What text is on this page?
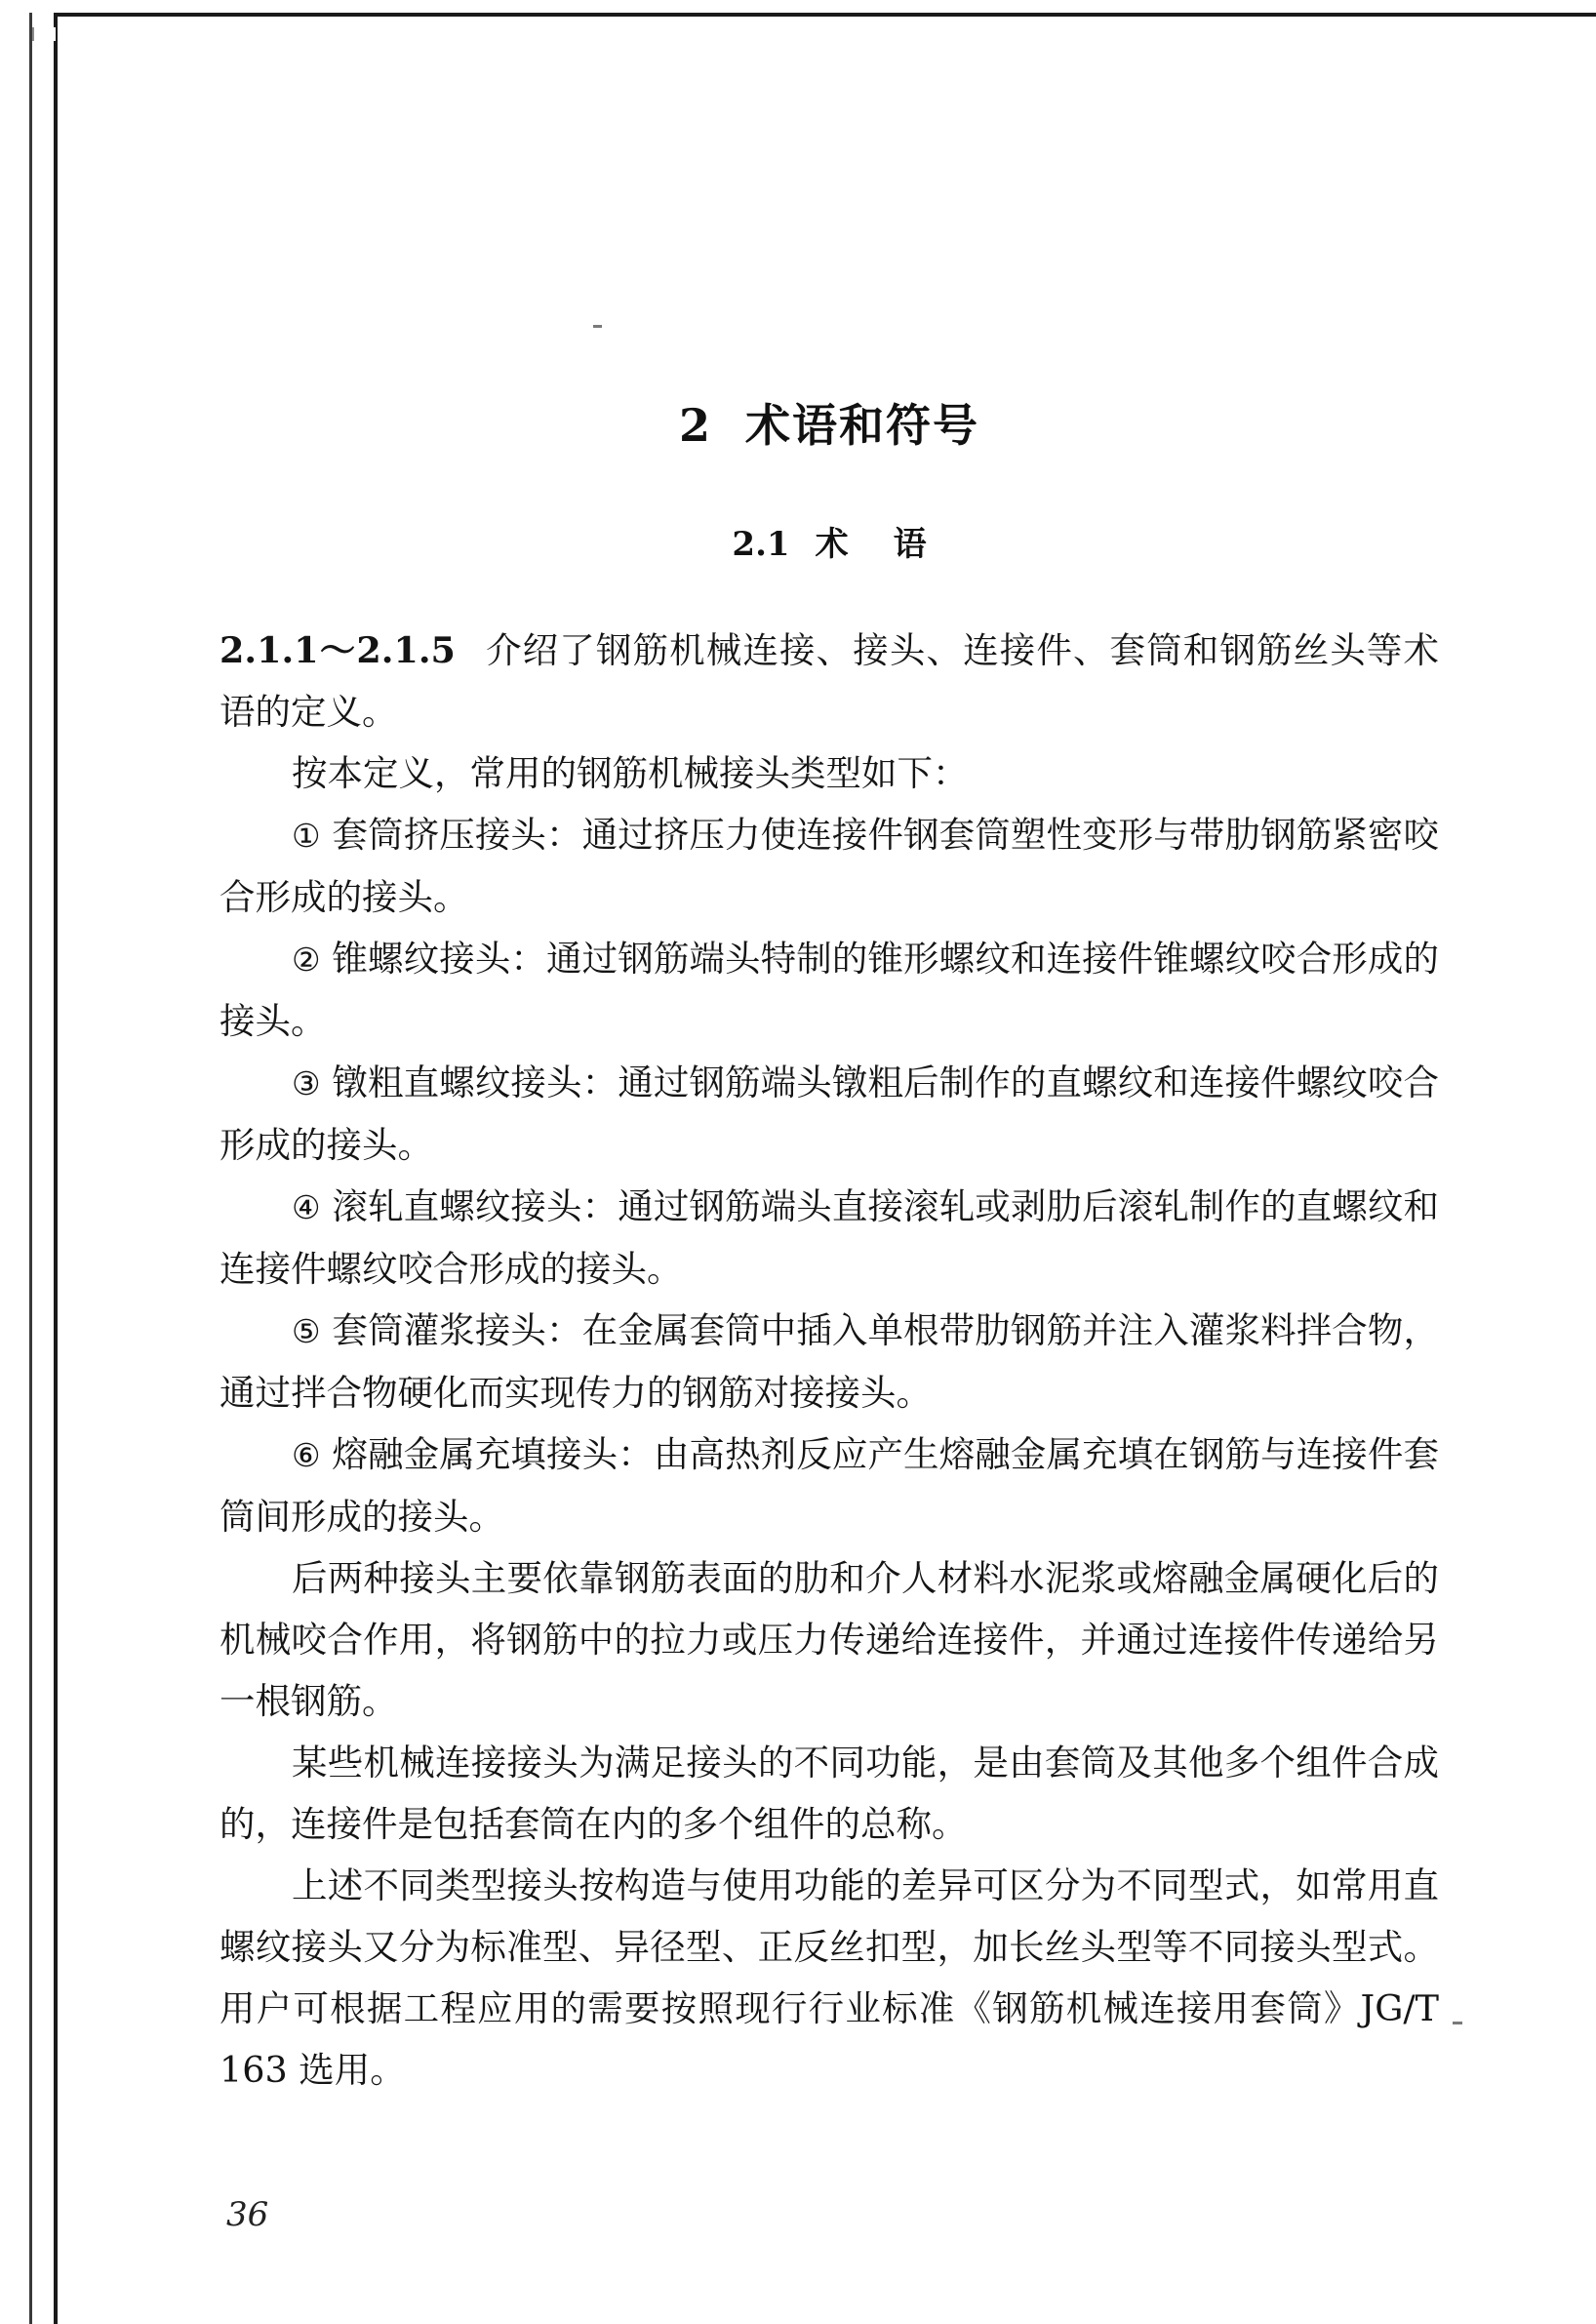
2 术语和符号
2.1 术 语

2.1.1～2.1.5 介绍了钢筋机械连接、接头、连接件、套筒和钢筋丝头等术语的定义。

按本定义，常用的钢筋机械接头类型如下：

① 套筒挤压接头：通过挤压力使连接件钢套筒塑性变形与带肋钢筋紧密咬合形成的接头。

② 锥螺纹接头：通过钢筋端头特制的锥形螺纹和连接件锥螺纹咬合形成的接头。

③ 镦粗直螺纹接头：通过钢筋端头镦粗后制作的直螺纹和连接件螺纹咬合形成的接头。

④ 滚轧直螺纹接头：通过钢筋端头直接滚轧或剥肋后滚轧制作的直螺纹和连接件螺纹咬合形成的接头。

⑤ 套筒灌浆接头：在金属套筒中插入单根带肋钢筋并注入灌浆料拌合物，通过拌合物硬化而实现传力的钢筋对接接头。

⑥ 熔融金属充填接头：由高热剂反应产生熔融金属充填在钢筋与连接件套筒间形成的接头。

后两种接头主要依靠钢筋表面的肋和介人材料水泥浆或熔融金属硬化后的机械咬合作用，将钢筋中的拉力或压力传递给连接件，并通过连接件传递给另一根钢筋。

某些机械连接接头为满足接头的不同功能，是由套筒及其他多个组件合成的，连接件是包括套筒在内的多个组件的总称。

上述不同类型接头按构造与使用功能的差异可区分为不同型式，如常用直螺纹接头又分为标准型、异径型、正反丝扣型，加长丝头型等不同接头型式。用户可根据工程应用的需要按照现行行业标准《钢筋机械连接用套筒》JG/T 163 选用。

36
